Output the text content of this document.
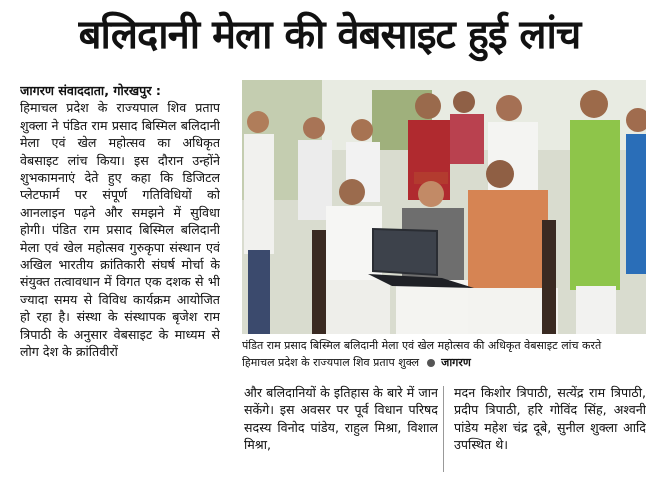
बलिदानी मेला की वेबसाइट हुई लांच
जागरण संवाददाता, गोरखपुर :
हिमाचल प्रदेश के राज्यपाल शिव प्रताप शुक्ला ने पंडित राम प्रसाद बिस्मिल बलिदानी मेला एवं खेल महोत्सव का अधिकृत वेबसाइट लांच किया। इस दौरान उन्होंने शुभकामनाएं देते हुए कहा कि डिजिटल प्लेटफार्म पर संपूर्ण गतिविधियों को आनलाइन पढ़ने और समझने में सुविधा होगी। पंडित राम प्रसाद बिस्मिल बलिदानी मेला एवं खेल महोत्सव गुरुकृपा संस्थान एवं अखिल भारतीय क्रांतिकारी संघर्ष मोर्चा के संयुक्त तत्वावधान में विगत एक दशक से भी ज्यादा समय से विविध कार्यक्रम आयोजित हो रहा है। संस्था के संस्थापक बृजेश राम त्रिपाठी के अनुसार वेबसाइट के माध्यम से लोग देश के क्रांतिवीरों	पंडित राम प्रसाद बिस्मिल बलिदानी मेला एवं खेल महोत्सव की अधिकृत वेबसाइट लांच करते
हिमाचल प्रदेश के राज्यपाल शिव प्रताप शुक्ल जागरण
और बलिदानियों के इतिहास के बारे में जान सकेंगे। इस अवसर पर पूर्व विधान परिषद सदस्य विनोद पांडेय, राहुल मिश्रा, विशाल मिश्रा,
मदन किशोर त्रिपाठी, सत्येंद्र राम त्रिपाठी, प्रदीप त्रिपाठी, हरि गोविंद सिंह, अश्वनी पांडेय महेश चंद्र दूबे, सुनील शुक्ला आदि उपस्थित थे।
